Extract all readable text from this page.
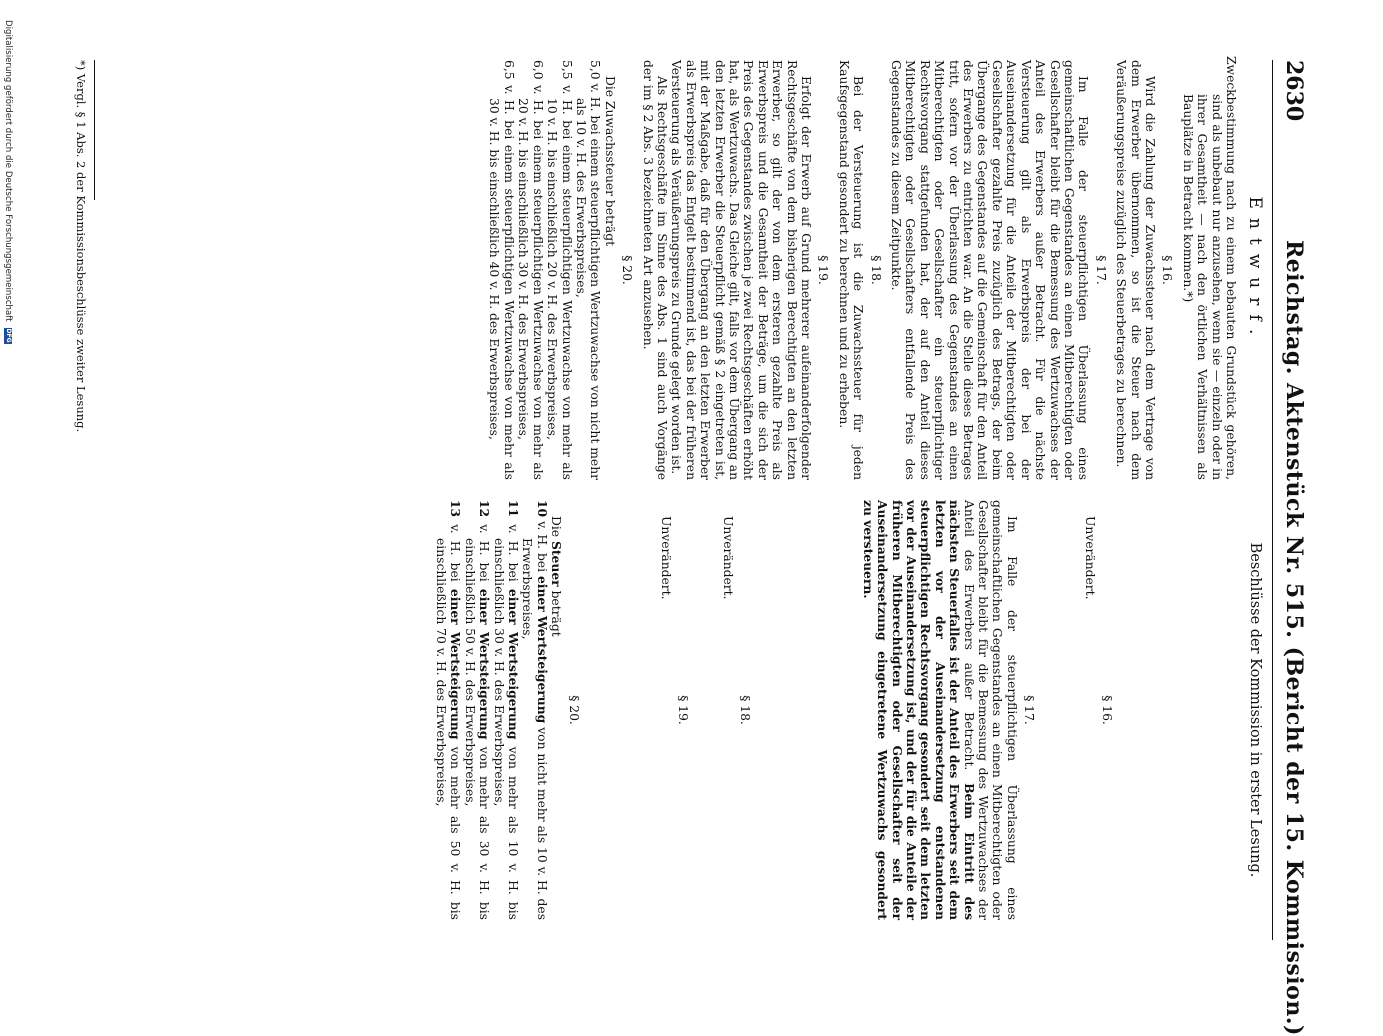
2630
Reichstag. Aktenstück Nr. 515. (Bericht der 15. Kommission.)
Entwurf.
Beschlüsse der Kommission in erster Lesung.
Zweckbestimmung nach zu einem bebauten Grundstück gehören, sind als unbebaut nur anzusehen, wenn sie — einzeln oder in ihrer Gesamtheit — nach den örtlichen Verhältnissen als Bauplätze in Betracht kommen.*)
§ 16.
Wird die Zahlung der Zuwachssteuer nach dem Vertrage von dem Erwerber übernommen, so ist die Steuer nach dem Veräußerungspreise zuzüglich des Steuerbetrages zu berechnen.
§ 17.
Im Falle der steuerpflichtigen Überlassung eines gemeinschaftlichen Gegenstandes an einen Mitberechtigten oder Gesellschafter bleibt für die Bemessung des Wertzuwachses der Anteil des Erwerbers außer Betracht. Für die nächste Versteuerung gilt als Erwerbspreis der bei der Auseinandersetzung für die Anteile der Mitberechtigten oder Gesellschafter gezahlte Preis zuzüglich des Betrags, der beim Übergange des Gegenstandes auf die Gemeinschaft für den Anteil des Erwerbers zu entrichten war. An die Stelle dieses Betrages tritt, sofern vor der Überlassung des Gegenstandes an einen Mitberechtigten oder Gesellschafter ein steuerpflichtiger Rechtsvorgang stattgefunden hat, der auf den Anteil dieses Mitberechtigten oder Gesellschafters entfallende Preis des Gegenstandes zu diesem Zeitpunkte.
§ 18.
Bei der Versteuerung ist die Zuwachssteuer für jeden Kaufsgegenstand gesondert zu berechnen und zu erheben.
§ 19.
Erfolgt der Erwerb auf Grund mehrerer aufeinanderfolgender Rechtsgeschäfte von dem bisherigen Berechtigten an den letzten Erwerber, so gilt der von dem ersteren gezahlte Preis als Erwerbspreis und die Gesamtheit der Beträge, um die sich der Preis des Gegenstandes zwischen je zwei Rechtsgeschäften erhöht hat, als Wertzuwachs. Das Gleiche gilt, falls vor dem Übergang an den letzten Erwerber die Steuerpflicht gemäß § 2 eingetreten ist, mit der Maßgabe, daß für den Übergang an den letzten Erwerber als Erwerbspreis das Entgelt bestimmend ist, das bei der früheren Versteuerung als Veräußerungspreis zu Grunde gelegt worden ist.
Als Rechtsgeschäfte im Sinne des Abs. 1 sind auch Vorgänge der im § 2 Abs. 3 bezeichneten Art anzusehen.
§ 20.
Die Zuwachssteuer beträgt
5,0 v. H. bei einem steuerpflichtigen Wertzuwachse von nicht mehr als 10 v. H. des Erwerbspreises,
5,5 v. H. bei einem steuerpflichtigen Wertzuwachse von mehr als 10 v. H. bis einschließlich 20 v. H. des Erwerbspreises,
6,0 v. H. bei einem steuerpflichtigen Wertzuwachse von mehr als 20 v. H. bis einschließlich 30 v. H. des Erwerbspreises,
6,5 v. H. bei einem steuerpflichtigen Wertzuwachse von mehr als 30 v. H. bis einschließlich 40 v. H. des Erwerbspreises,
§ 16.
Unverändert.
§ 17.
Im Falle der steuerpflichtigen Überlassung eines gemeinschaftlichen Gegenstandes an einen Mitberechtigten oder Gesellschafter bleibt für die Bemessung des Wertzuwachses der Anteil des Erwerbers außer Betracht. Beim Eintritt des nächsten Steuerfalles ist der Anteil des Erwerbers seit dem letzten vor der Auseinandersetzung entstandenen steuerpflichtigen Rechtsvorgang gesondert seit dem letzten vor der Auseinandersetzung ist, und der für die Anteile der früheren Mitberechtigten oder Gesellschafter seit der Auseinandersetzung eingetretene Wertzuwachs gesondert zu versteuern.
§ 18.
Unverändert.
§ 19.
Unverändert.
§ 20.
Die Steuer beträgt
10 v. H. bei einer Wertsteigerung von nicht mehr als 10 v. H. des Erwerbspreises,
11 v. H. bei einer Wertsteigerung von mehr als 10 v. H. bis einschließlich 30 v. H. des Erwerbspreises,
12 v. H. bei einer Wertsteigerung von mehr als 30 v. H. bis einschließlich 50 v. H. des Erwerbspreises,
13 v. H. bei einer Wertsteigerung von mehr als 50 v. H. bis einschließlich 70 v. H. des Erwerbspreises,
*) Vergl. § 1 Abs. 2 der Kommissionsbeschlüsse zweiter Lesung.
Digitalisierung gefördert durch die Deutsche Forschungsgemeinschaft
DFG
